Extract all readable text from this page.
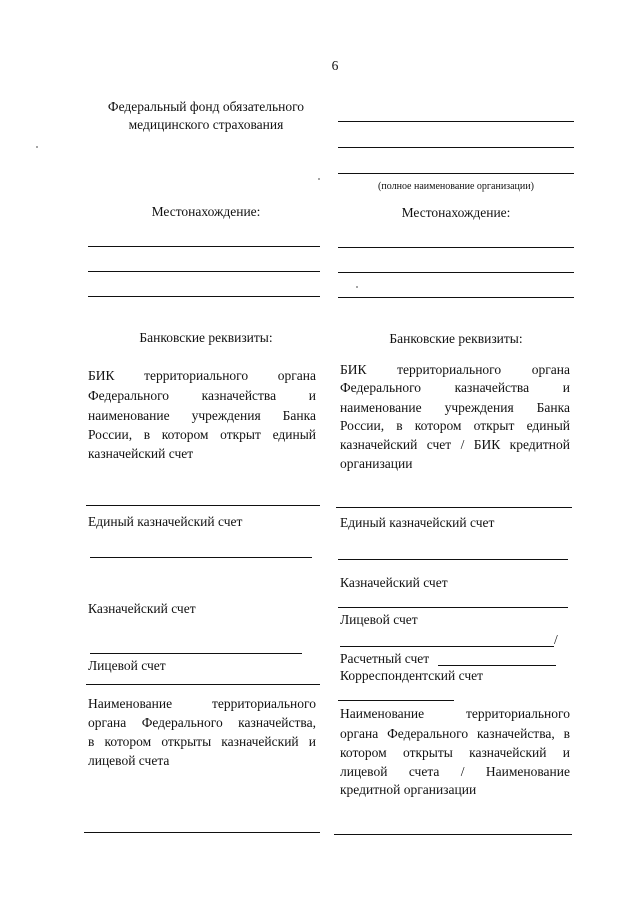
6
Федеральный фонд обязательного
медицинского страхования
Местонахождение:
Банковские реквизиты:
БИК территориального органа
Федерального казначейства и
наименование учреждения Банка
России, в котором открыт единый
казначейский счет
Единый казначейский счет
Казначейский счет
Лицевой счет
Наименование территориального
органа Федерального казначейства,
в котором открыты казначейский и
лицевой счета
(полное наименование организации)
Местонахождение:
Банковские реквизиты:
БИК территориального органа
Федерального казначейства и
наименование учреждения Банка
России, в котором открыт единый
казначейский счет / БИК кредитной
организации
Единый казначейский счет
Казначейский счет
Лицевой счет
/
Расчетный счет
Корреспондентский счет
Наименование территориального
органа Федерального казначейства, в
котором открыты казначейский и
лицевой счета / Наименование
кредитной организации
